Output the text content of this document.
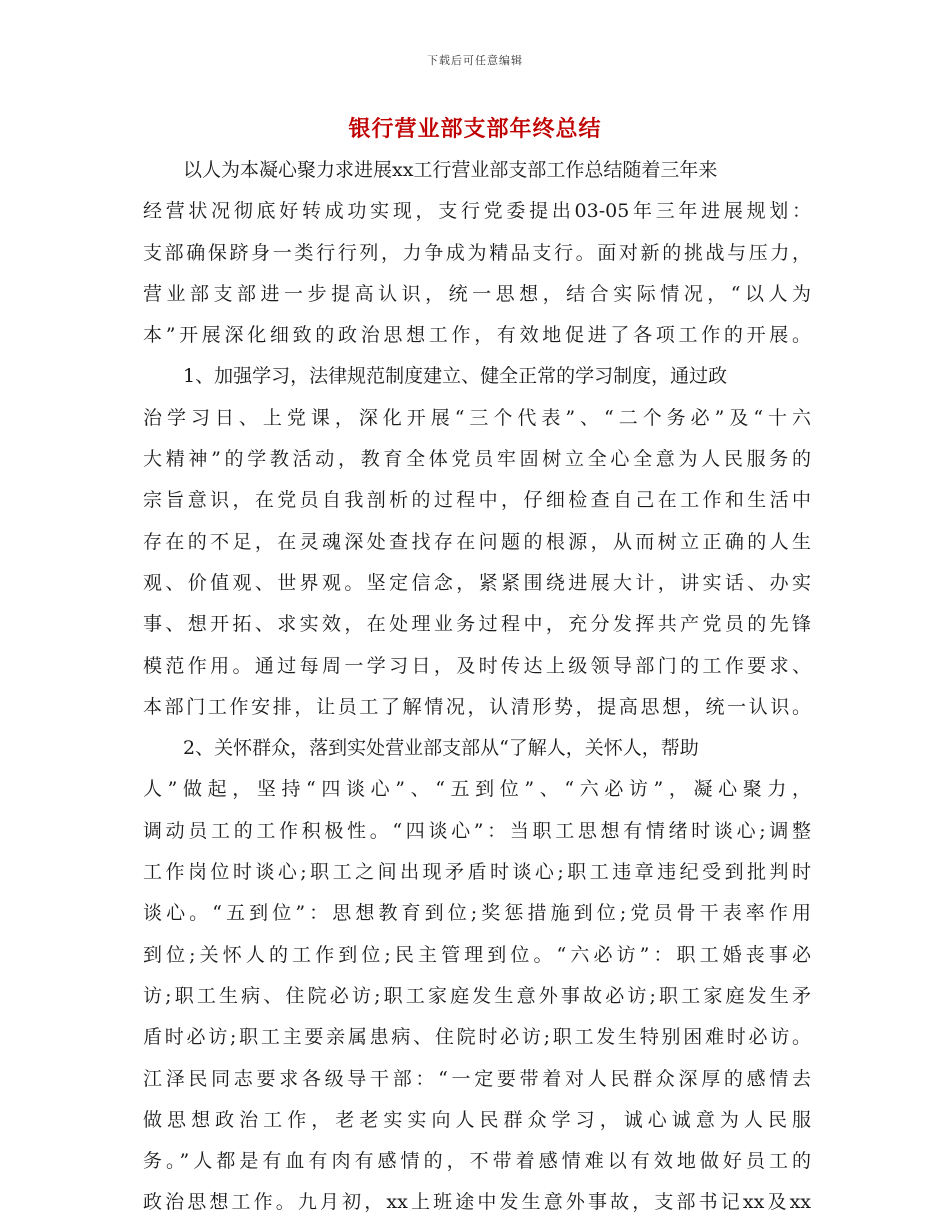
下载后可任意编辑
银行营业部支部年终总结
以人为本凝心聚力求进展xx工行营业部支部工作总结随着三年来
经营状况彻底好转成功实现，支行党委提出03-05年三年进展规划：
支部确保跻身一类行行列，力争成为精品支行。面对新的挑战与压力，
营业部支部进一步提高认识，统一思想，结合实际情况，“以人为
本”开展深化细致的政治思想工作，有效地促进了各项工作的开展。
1、加强学习，法律规范制度建立、健全正常的学习制度，通过政
治学习日、上党课，深化开展“三个代表”、“二个务必”及“十六
大精神”的学教活动，教育全体党员牢固树立全心全意为人民服务的
宗旨意识，在党员自我剖析的过程中，仔细检查自己在工作和生活中
存在的不足，在灵魂深处查找存在问题的根源，从而树立正确的人生
观、价值观、世界观。坚定信念，紧紧围绕进展大计，讲实话、办实
事、想开拓、求实效，在处理业务过程中，充分发挥共产党员的先锋
模范作用。通过每周一学习日，及时传达上级领导部门的工作要求、
本部门工作安排，让员工了解情况，认清形势，提高思想，统一认识。
2、关怀群众，落到实处营业部支部从“了解人，关怀人，帮助
人”做起，坚持“四谈心”、“五到位”、“六必访”，凝心聚力，
调动员工的工作积极性。“四谈心”：当职工思想有情绪时谈心;调整
工作岗位时谈心;职工之间出现矛盾时谈心;职工违章违纪受到批判时
谈心。“五到位”：思想教育到位;奖惩措施到位;党员骨干表率作用
到位;关怀人的工作到位;民主管理到位。“六必访”：职工婚丧事必
访;职工生病、住院必访;职工家庭发生意外事故必访;职工家庭发生矛
盾时必访;职工主要亲属患病、住院时必访;职工发生特别困难时必访。
江泽民同志要求各级导干部：“一定要带着对人民群众深厚的感情去
做思想政治工作，老老实实向人民群众学习，诚心诚意为人民服
务。”人都是有血有肉有感情的，不带着感情难以有效地做好员工的
政治思想工作。九月初，xx上班途中发生意外事故，支部书记xx及xx
